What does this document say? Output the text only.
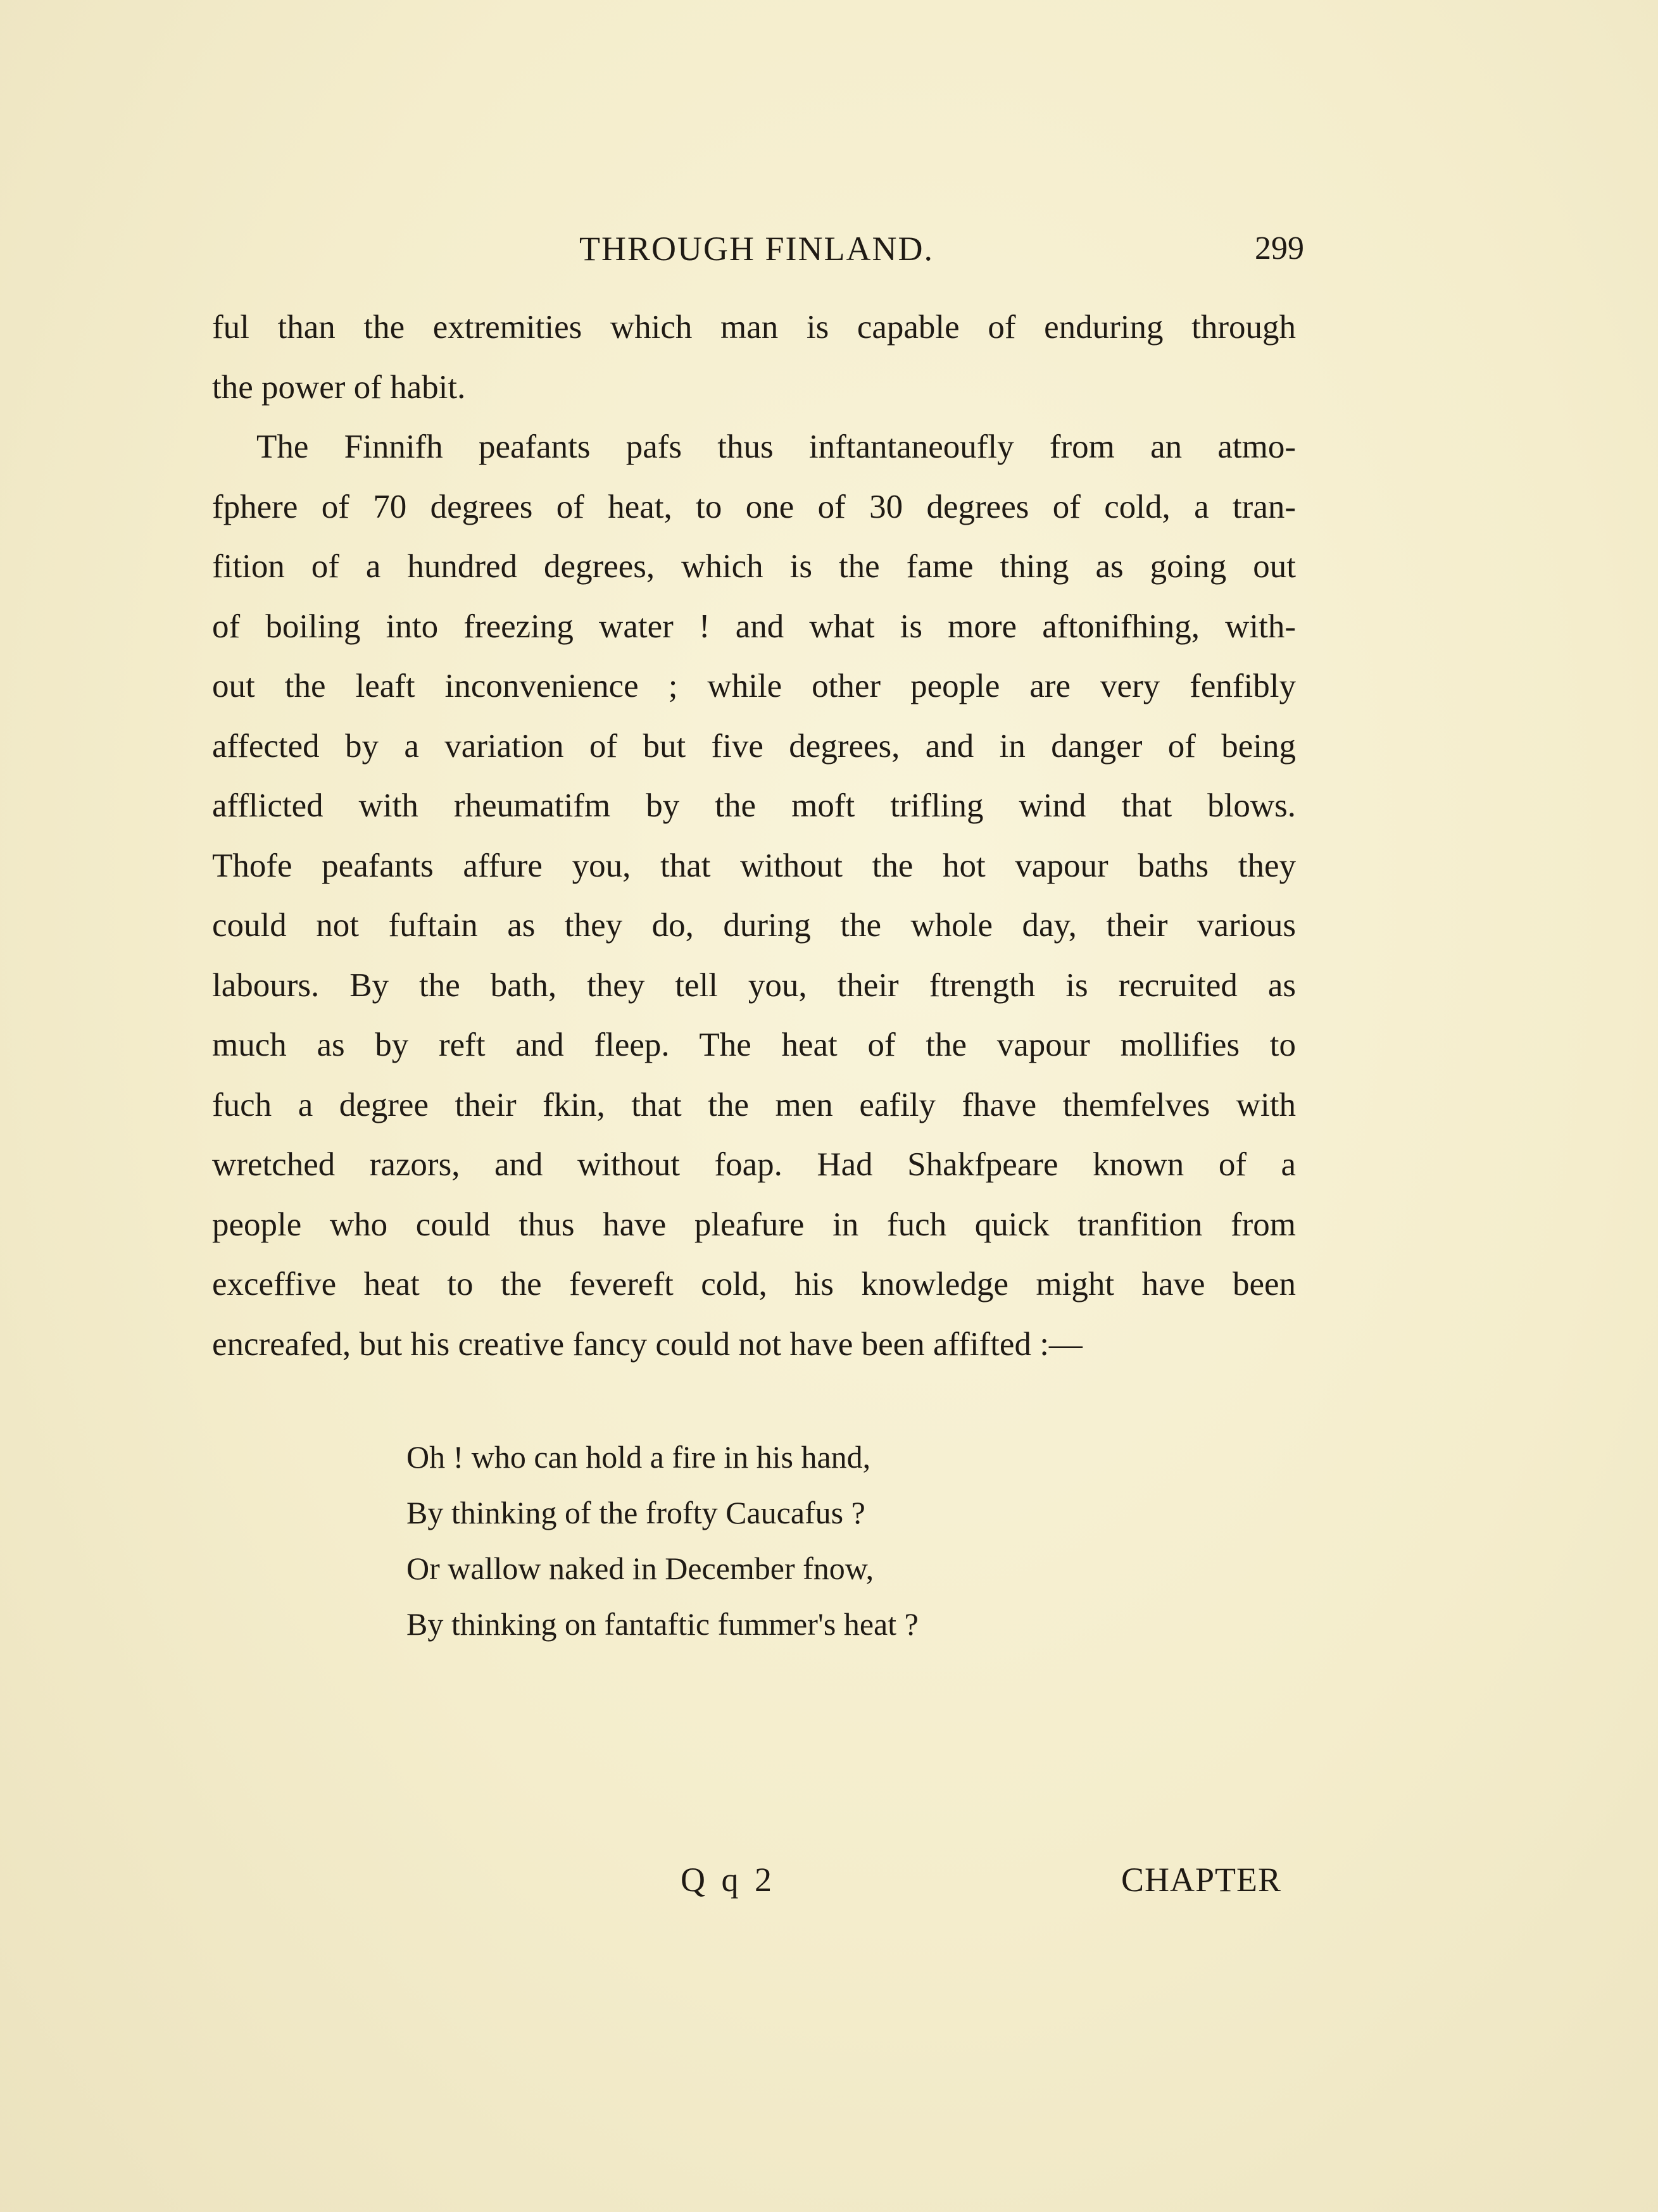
THROUGH FINLAND.	299
ful than the extremities which man is capable of enduring through
the power of habit.
The Finnifh peafants pafs thus inftantaneoufly from an atmo-
fphere of 70 degrees of heat, to one of 30 degrees of cold, a tran-
fition of a hundred degrees, which is the fame thing as going out
of boiling into freezing water ! and what is more aftonifhing, with-
out the leaft inconvenience ; while other people are very fenfibly
affected by a variation of but five degrees, and in danger of being
afflicted with rheumatifm by the moft trifling wind that blows.
Thofe peafants affure you, that without the hot vapour baths they
could not fuftain as they do, during the whole day, their various
labours. By the bath, they tell you, their ftrength is recruited as
much as by reft and fleep. The heat of the vapour mollifies to
fuch a degree their fkin, that the men eafily fhave themfelves with
wretched razors, and without foap. Had Shakfpeare known of a
people who could thus have pleafure in fuch quick tranfition from
exceffive heat to the fevereft cold, his knowledge might have been
encreafed, but his creative fancy could not have been affifted :—
Oh ! who can hold a fire in his hand,
By thinking of the frofty Caucafus ?
Or wallow naked in December fnow,
By thinking on fantaftic fummer's heat ?
Q q 2	CHAPTER
